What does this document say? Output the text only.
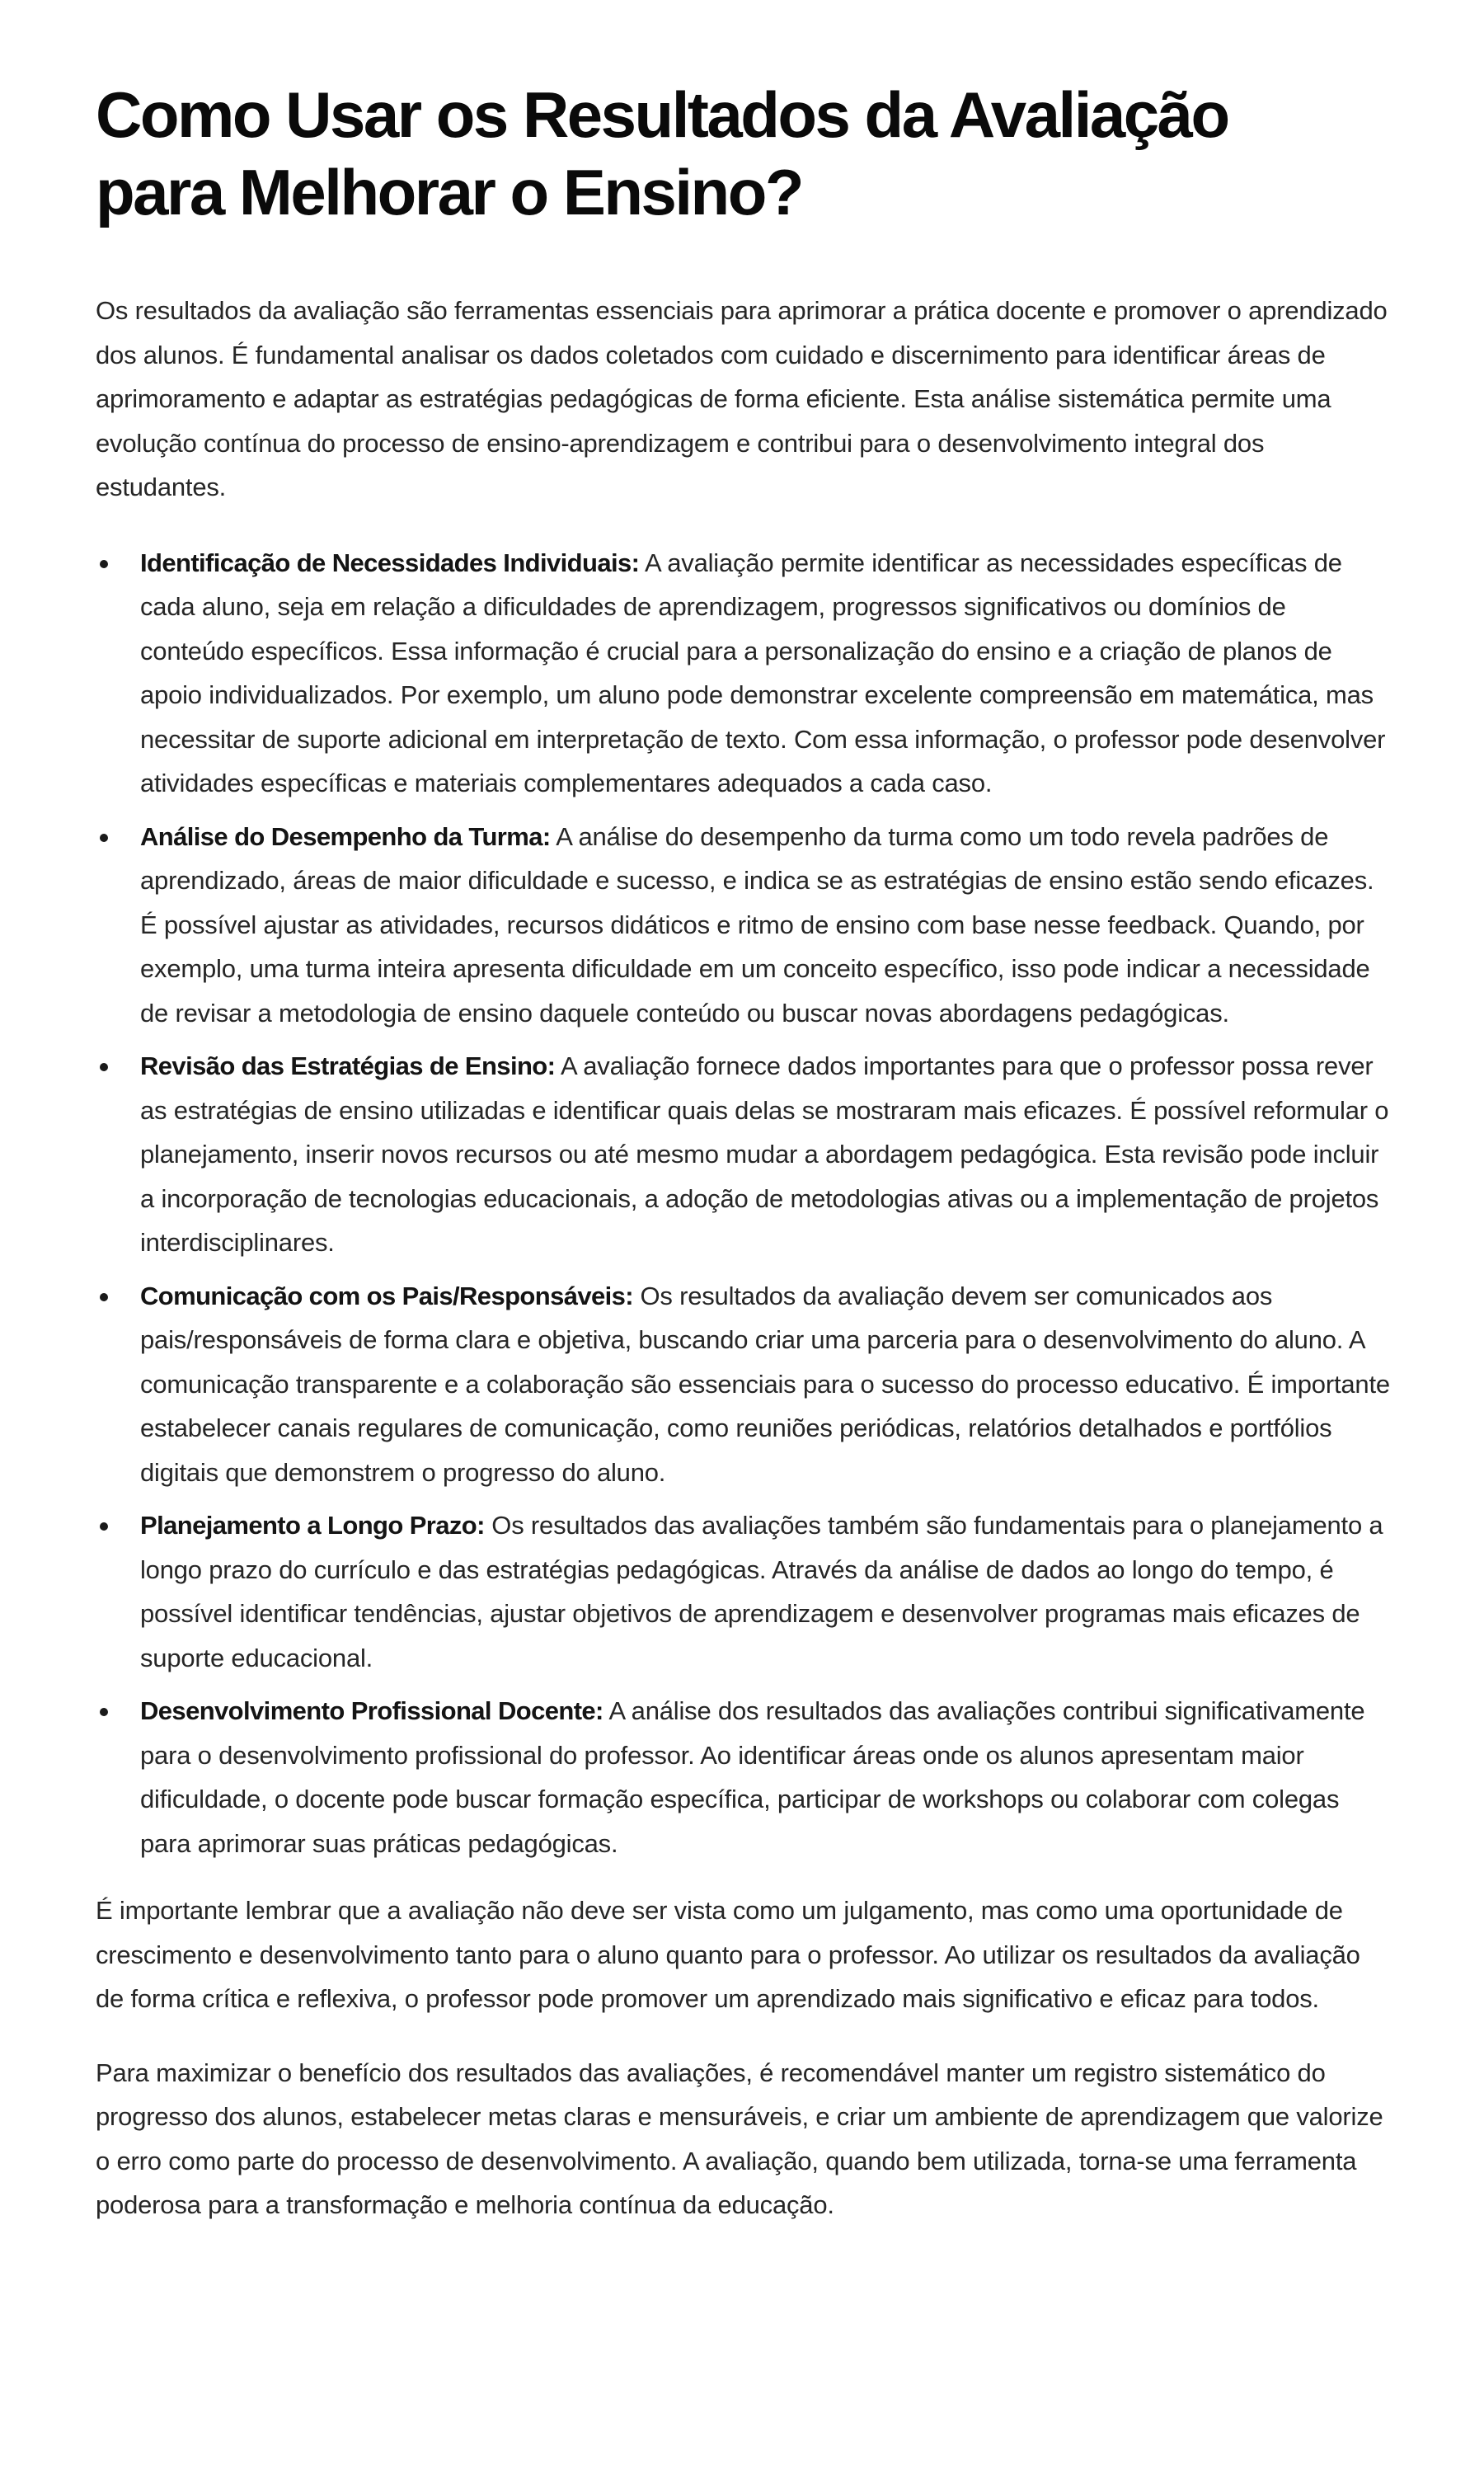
Como Usar os Resultados da Avaliação para Melhorar o Ensino?

Os resultados da avaliação são ferramentas essenciais para aprimorar a prática docente e promover o aprendizado dos alunos. É fundamental analisar os dados coletados com cuidado e discernimento para identificar áreas de aprimoramento e adaptar as estratégias pedagógicas de forma eficiente. Esta análise sistemática permite uma evolução contínua do processo de ensino-aprendizagem e contribui para o desenvolvimento integral dos estudantes.

Identificação de Necessidades Individuais: A avaliação permite identificar as necessidades específicas de cada aluno, seja em relação a dificuldades de aprendizagem, progressos significativos ou domínios de conteúdo específicos. Essa informação é crucial para a personalização do ensino e a criação de planos de apoio individualizados. Por exemplo, um aluno pode demonstrar excelente compreensão em matemática, mas necessitar de suporte adicional em interpretação de texto. Com essa informação, o professor pode desenvolver atividades específicas e materiais complementares adequados a cada caso.
Análise do Desempenho da Turma: A análise do desempenho da turma como um todo revela padrões de aprendizado, áreas de maior dificuldade e sucesso, e indica se as estratégias de ensino estão sendo eficazes. É possível ajustar as atividades, recursos didáticos e ritmo de ensino com base nesse feedback. Quando, por exemplo, uma turma inteira apresenta dificuldade em um conceito específico, isso pode indicar a necessidade de revisar a metodologia de ensino daquele conteúdo ou buscar novas abordagens pedagógicas.
Revisão das Estratégias de Ensino: A avaliação fornece dados importantes para que o professor possa rever as estratégias de ensino utilizadas e identificar quais delas se mostraram mais eficazes. É possível reformular o planejamento, inserir novos recursos ou até mesmo mudar a abordagem pedagógica. Esta revisão pode incluir a incorporação de tecnologias educacionais, a adoção de metodologias ativas ou a implementação de projetos interdisciplinares.
Comunicação com os Pais/Responsáveis: Os resultados da avaliação devem ser comunicados aos pais/responsáveis de forma clara e objetiva, buscando criar uma parceria para o desenvolvimento do aluno. A comunicação transparente e a colaboração são essenciais para o sucesso do processo educativo. É importante estabelecer canais regulares de comunicação, como reuniões periódicas, relatórios detalhados e portfólios digitais que demonstrem o progresso do aluno.
Planejamento a Longo Prazo: Os resultados das avaliações também são fundamentais para o planejamento a longo prazo do currículo e das estratégias pedagógicas. Através da análise de dados ao longo do tempo, é possível identificar tendências, ajustar objetivos de aprendizagem e desenvolver programas mais eficazes de suporte educacional.
Desenvolvimento Profissional Docente: A análise dos resultados das avaliações contribui significativamente para o desenvolvimento profissional do professor. Ao identificar áreas onde os alunos apresentam maior dificuldade, o docente pode buscar formação específica, participar de workshops ou colaborar com colegas para aprimorar suas práticas pedagógicas.

É importante lembrar que a avaliação não deve ser vista como um julgamento, mas como uma oportunidade de crescimento e desenvolvimento tanto para o aluno quanto para o professor. Ao utilizar os resultados da avaliação de forma crítica e reflexiva, o professor pode promover um aprendizado mais significativo e eficaz para todos.

Para maximizar o benefício dos resultados das avaliações, é recomendável manter um registro sistemático do progresso dos alunos, estabelecer metas claras e mensuráveis, e criar um ambiente de aprendizagem que valorize o erro como parte do processo de desenvolvimento. A avaliação, quando bem utilizada, torna-se uma ferramenta poderosa para a transformação e melhoria contínua da educação.
